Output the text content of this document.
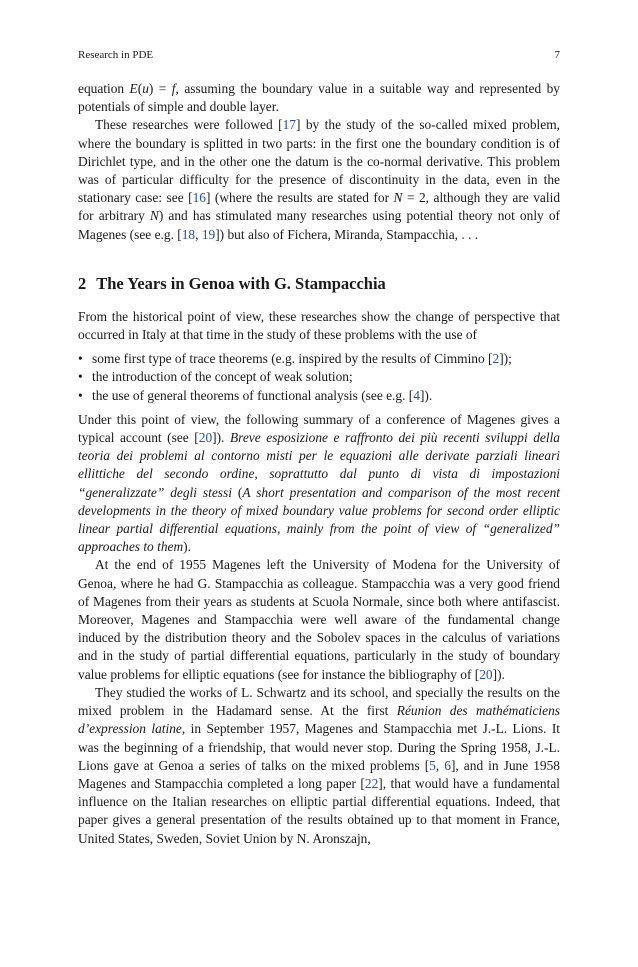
Research in PDE	7

equation E(u) = f, assuming the boundary value in a suitable way and represented by potentials of simple and double layer.

These researches were followed [17] by the study of the so-called mixed problem, where the boundary is splitted in two parts: in the first one the boundary condition is of Dirichlet type, and in the other one the datum is the co-normal derivative. This problem was of particular difficulty for the presence of discontinuity in the data, even in the stationary case: see [16] (where the results are stated for N = 2, although they are valid for arbitrary N) and has stimulated many researches using potential theory not only of Magenes (see e.g. [18, 19]) but also of Fichera, Miranda, Stampacchia, . . .

2 The Years in Genoa with G. Stampacchia

From the historical point of view, these researches show the change of perspective that occurred in Italy at that time in the study of these problems with the use of

• some first type of trace theorems (e.g. inspired by the results of Cimmino [2]);
• the introduction of the concept of weak solution;
• the use of general theorems of functional analysis (see e.g. [4]).

Under this point of view, the following summary of a conference of Magenes gives a typical account (see [20]). Breve esposizione e raffronto dei più recenti sviluppi della teoria dei problemi al contorno misti per le equazioni alle derivate parziali lineari ellittiche del secondo ordine, soprattutto dal punto di vista di impostazioni “generalizzate” degli stessi (A short presentation and comparison of the most recent developments in the theory of mixed boundary value problems for second order elliptic linear partial differential equations, mainly from the point of view of “generalized” approaches to them).

At the end of 1955 Magenes left the University of Modena for the University of Genoa, where he had G. Stampacchia as colleague. Stampacchia was a very good friend of Magenes from their years as students at Scuola Normale, since both where antifascist. Moreover, Magenes and Stampacchia were well aware of the fundamental change induced by the distribution theory and the Sobolev spaces in the calculus of variations and in the study of partial differential equations, particularly in the study of boundary value problems for elliptic equations (see for instance the bibliography of [20]).

They studied the works of L. Schwartz and its school, and specially the results on the mixed problem in the Hadamard sense. At the first Réunion des mathématiciens d’expression latine, in September 1957, Magenes and Stampacchia met J.-L. Lions. It was the beginning of a friendship, that would never stop. During the Spring 1958, J.-L. Lions gave at Genoa a series of talks on the mixed problems [5, 6], and in June 1958 Magenes and Stampacchia completed a long paper [22], that would have a fundamental influence on the Italian researches on elliptic partial differential equations. Indeed, that paper gives a general presentation of the results obtained up to that moment in France, United States, Sweden, Soviet Union by N. Aronszajn,
